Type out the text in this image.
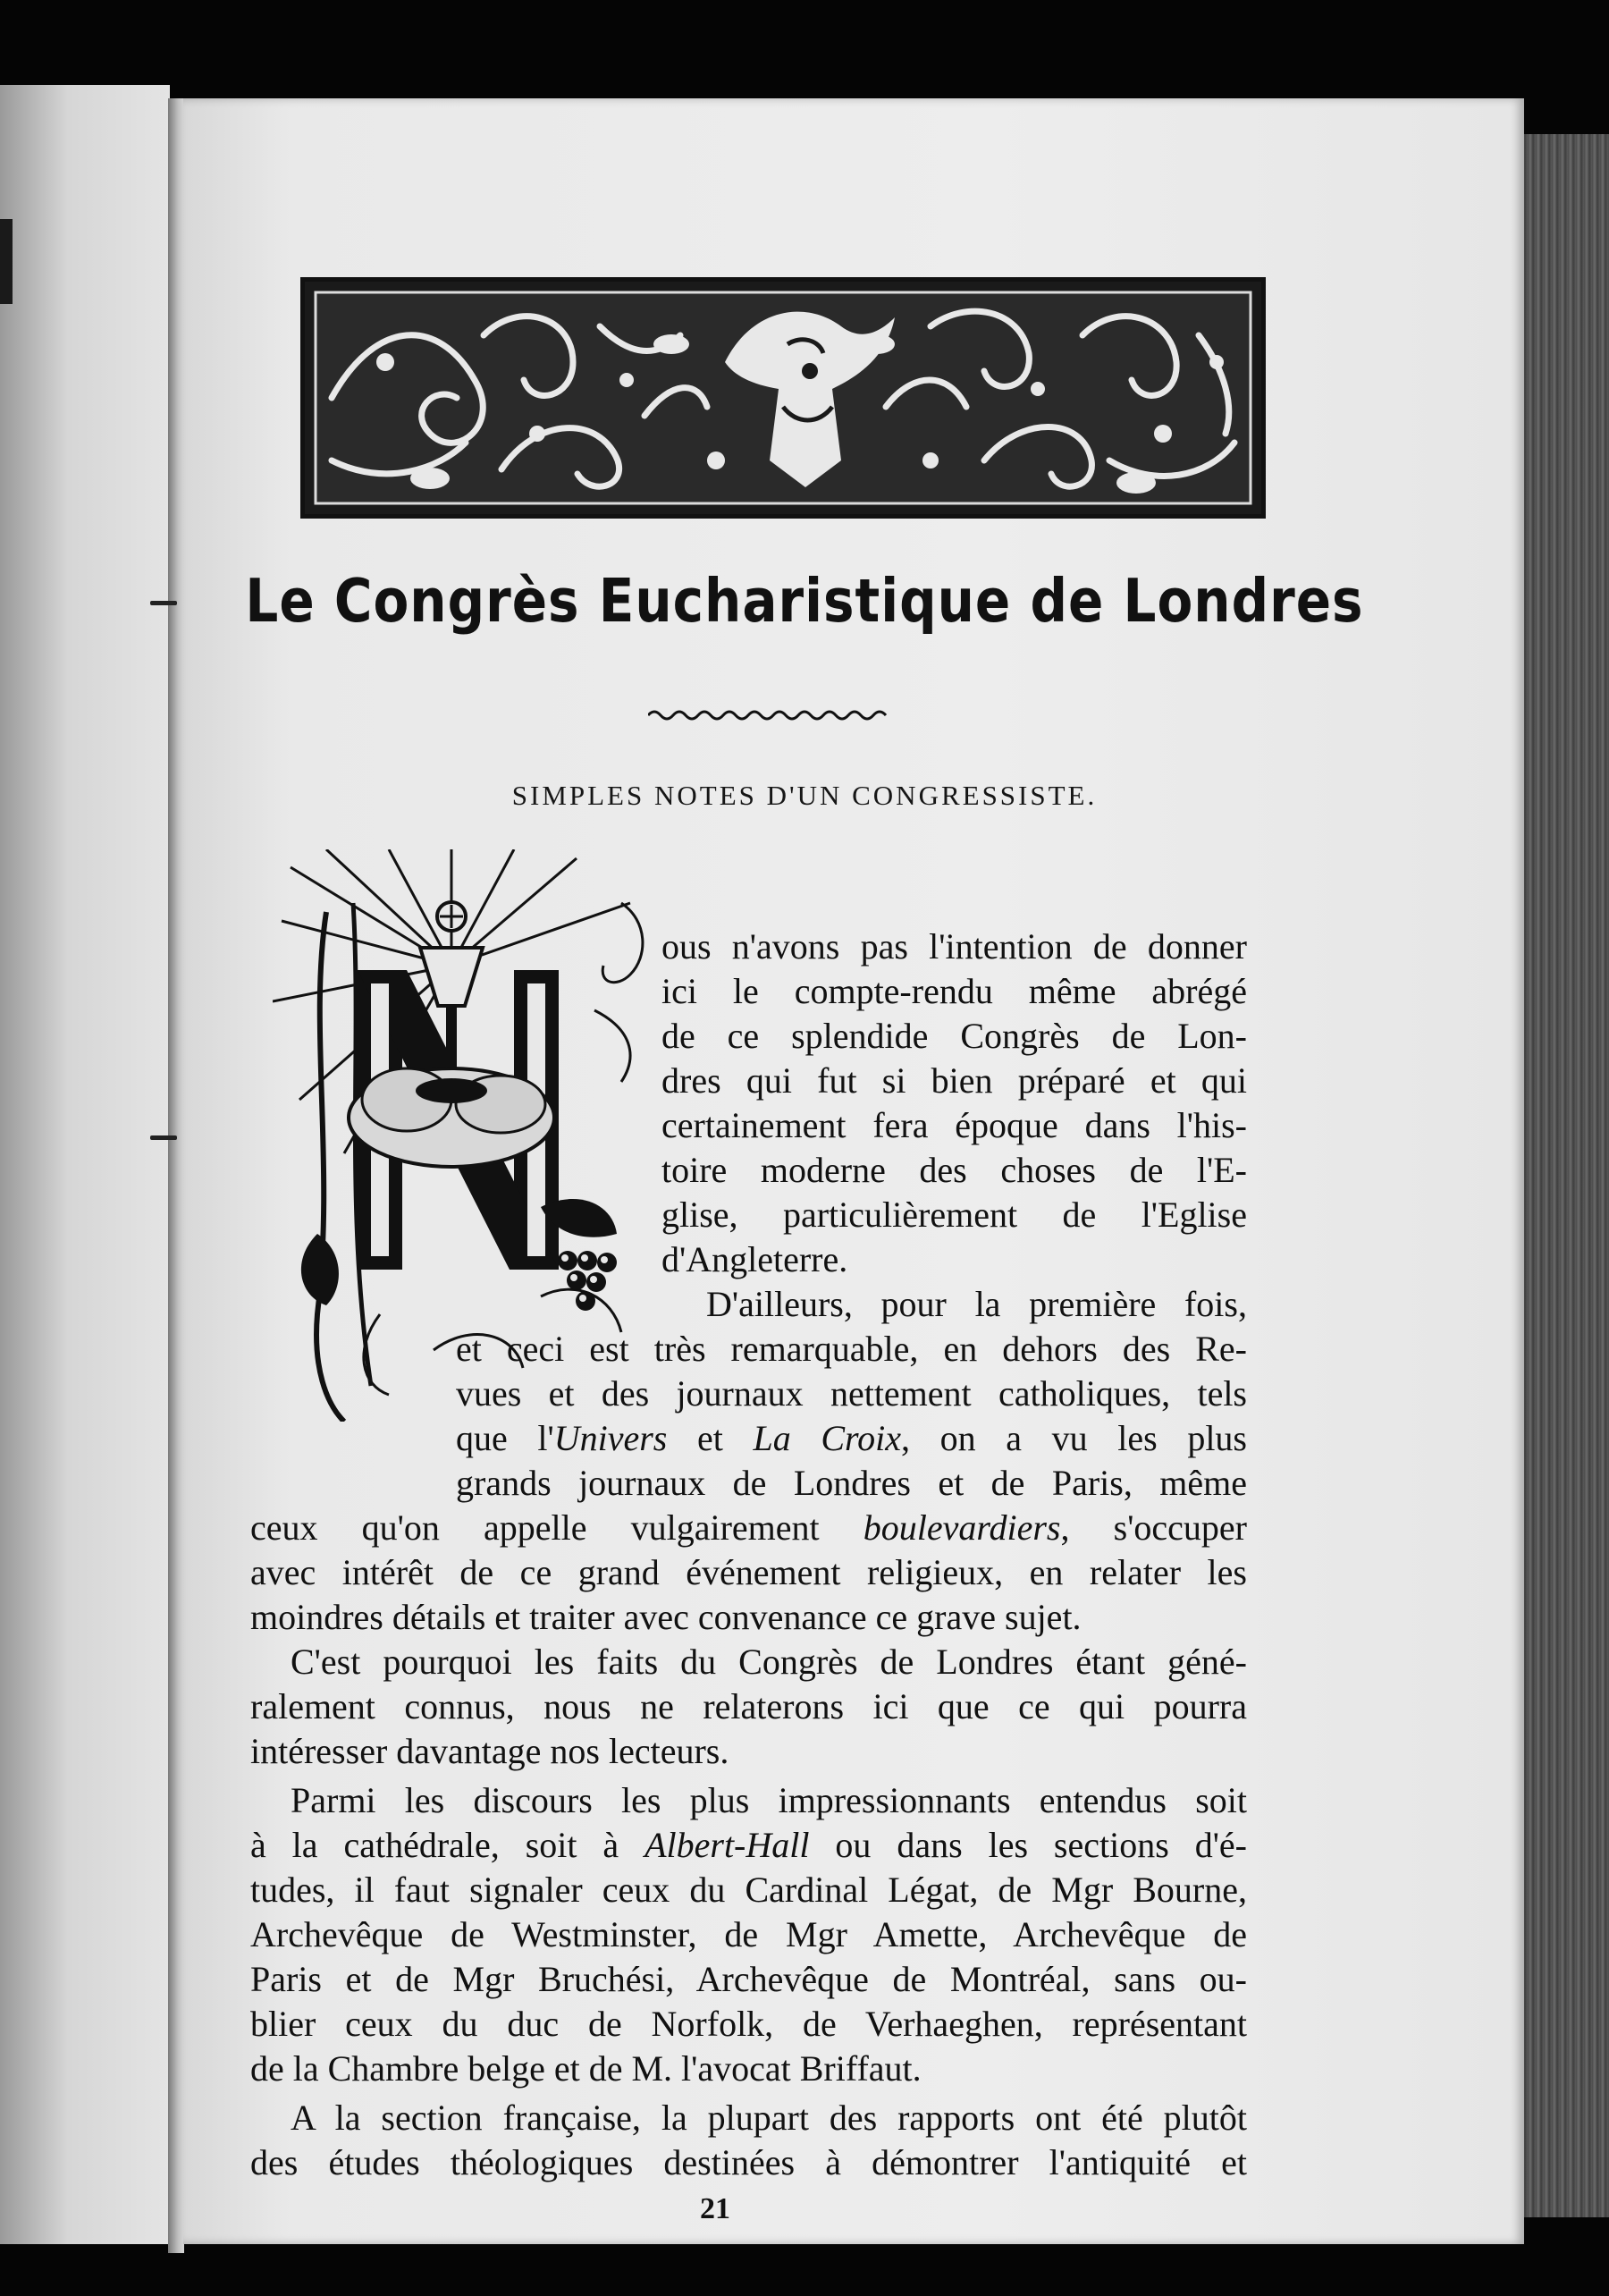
Le Congrès Eucharistique de Londres
SIMPLES NOTES D'UN CONGRESSISTE.
ous n'avons pas l'intention de donner
ici le compte-rendu même abrégé
de ce splendide Congrès de Lon-
dres qui fut si bien préparé et qui
certainement fera époque dans l'his-
toire moderne des choses de l'E-
glise, particulièrement de l'Eglise
d'Angleterre.
D'ailleurs, pour la première fois,
et ceci est très remarquable, en dehors des Re-
vues et des journaux nettement catholiques, tels
que l'Univers et La Croix, on a vu les plus
grands journaux de Londres et de Paris, même
ceux qu'on appelle vulgairement boulevardiers, s'occuper
avec intérêt de ce grand événement religieux, en relater les
moindres détails et traiter avec convenance ce grave sujet.
C'est pourquoi les faits du Congrès de Londres étant géné-
ralement connus, nous ne relaterons ici que ce qui pourra
intéresser davantage nos lecteurs.
Parmi les discours les plus impressionnants entendus soit
à la cathédrale, soit à Albert-Hall ou dans les sections d'é-
tudes, il faut signaler ceux du Cardinal Légat, de Mgr Bourne,
Archevêque de Westminster, de Mgr Amette, Archevêque de
Paris et de Mgr Bruchési, Archevêque de Montréal, sans ou-
blier ceux du duc de Norfolk, de Verhaeghen, représentant
de la Chambre belge et de M. l'avocat Briffaut.
A la section française, la plupart des rapports ont été plutôt
des études théologiques destinées à démontrer l'antiquité et
21
